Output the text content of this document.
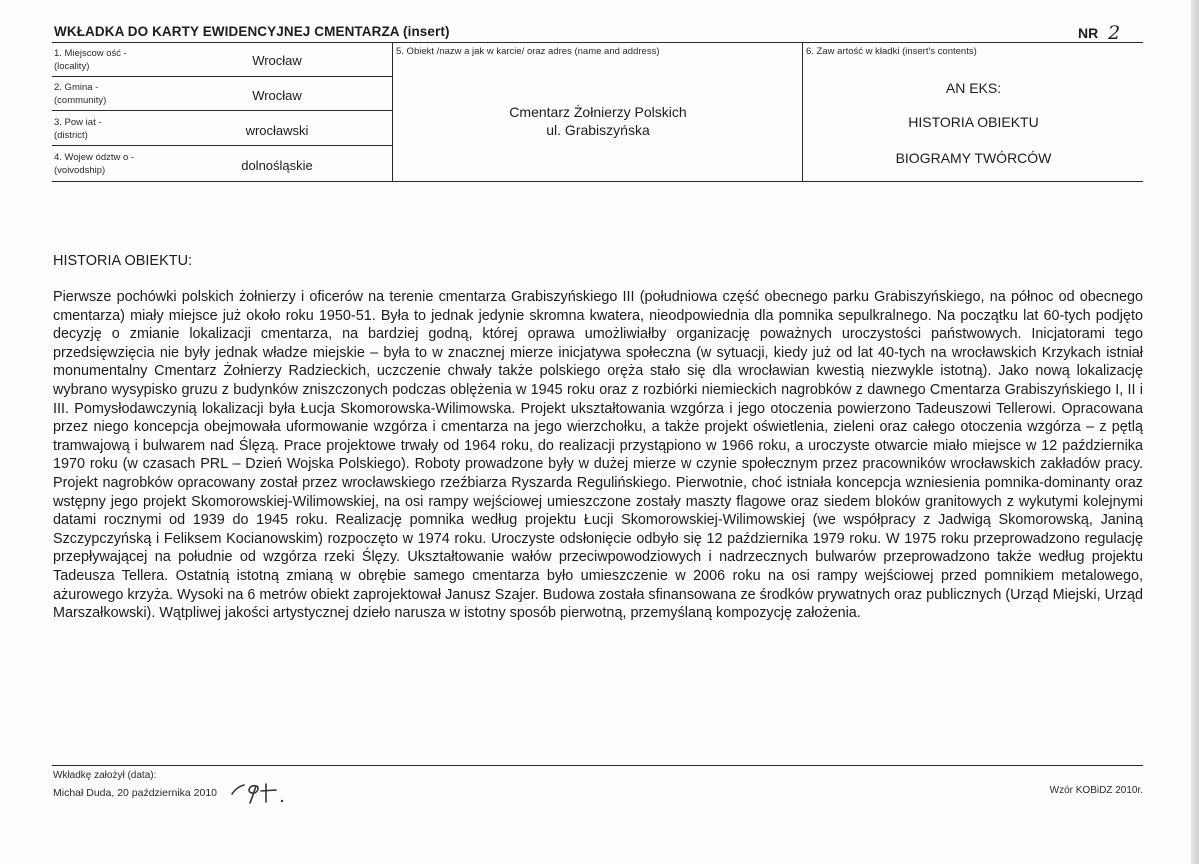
WKŁADKA DO KARTY EWIDENCYJNEJ CMENTARZA (insert)	NR 2
1. Miejscow ość -
(locality)	Wrocław
2. Gmina -
(community)	Wrocław
3. Pow iat -
(district)	wrocławski
4. Wojew ództw o -
(voivodship)	dolnośląskie
5. Obiekt /nazw a jak w karcie/ oraz adres (name and address)
Cmentarz Żołnierzy Polskich
ul. Grabiszyńska
6. Zaw artość w kładki (insert's contents)
AN EKS:
HISTORIA OBIEKTU
BIOGRAMY TWÓRCÓW
HISTORIA OBIEKTU:

Pierwsze pochówki polskich żołnierzy i oficerów na terenie cmentarza Grabiszyńskiego III (południowa część obecnego parku Grabiszyńskiego, na północ od obecnego cmentarza) miały miejsce już około roku 1950-51. Była to jednak jedynie skromna kwatera, nieodpowiednia dla pomnika sepulkralnego. Na początku lat 60-tych podjęto decyzję o zmianie lokalizacji cmentarza, na bardziej godną, której oprawa umożliwiałby organizację poważnych uroczystości państwowych. Inicjatorami tego przedsięwzięcia nie były jednak władze miejskie – była to w znacznej mierze inicjatywa społeczna (w sytuacji, kiedy już od lat 40-tych na wrocławskich Krzykach istniał monumentalny Cmentarz Żołnierzy Radzieckich, uczczenie chwały także polskiego oręża stało się dla wrocławian kwestią niezwykle istotną). Jako nową lokalizację wybrano wysypisko gruzu z budynków zniszczonych podczas oblężenia w 1945 roku oraz z rozbiórki niemieckich nagrobków z dawnego Cmentarza Grabiszyńskiego I, II i III. Pomysłodawczynią lokalizacji była Łucja Skomorowska-Wilimowska. Projekt ukształtowania wzgórza i jego otoczenia powierzono Tadeuszowi Tellerowi. Opracowana przez niego koncepcja obejmowała uformowanie wzgórza i cmentarza na jego wierzchołku, a także projekt oświetlenia, zieleni oraz całego otoczenia wzgórza – z pętlą tramwajową i bulwarem nad Ślęzą. Prace projektowe trwały od 1964 roku, do realizacji przystąpiono w 1966 roku, a uroczyste otwarcie miało miejsce w 12 października 1970 roku (w czasach PRL – Dzień Wojska Polskiego). Roboty prowadzone były w dużej mierze w czynie społecznym przez pracowników wrocławskich zakładów pracy. Projekt nagrobków opracowany został przez wrocławskiego rzeźbiarza Ryszarda Regulińskiego. Pierwotnie, choć istniała koncepcja wzniesienia pomnika-dominanty oraz wstępny jego projekt Skomorowskiej-Wilimowskiej, na osi rampy wejściowej umieszczone zostały maszty flagowe oraz siedem bloków granitowych z wykutymi kolejnymi datami rocznymi od 1939 do 1945 roku. Realizację pomnika według projektu Łucji Skomorowskiej-Wilimowskiej (we współpracy z Jadwigą Skomorowską, Janiną Szczypczyńską i Feliksem Kocianowskim) rozpoczęto w 1974 roku. Uroczyste odsłonięcie odbyło się 12 października 1979 roku. W 1975 roku przeprowadzono regulację przepływającej na południe od wzgórza rzeki Ślęzy. Ukształtowanie wałów przeciwpowodziowych i nadrzecznych bulwarów przeprowadzono także według projektu Tadeusza Tellera. Ostatnią istotną zmianą w obrębie samego cmentarza było umieszczenie w 2006 roku na osi rampy wejściowej przed pomnikiem metalowego, ażurowego krzyża. Wysoki na 6 metrów obiekt zaprojektował Janusz Szajer. Budowa została sfinansowana ze środków prywatnych oraz publicznych (Urząd Miejski, Urząd Marszałkowski). Wątpliwej jakości artystycznej dzieło narusza w istotny sposób pierwotną, przemyślaną kompozycję założenia.

Wkładkę założył (data):
Michał Duda, 20 października 2010	Wzór KOBiDZ 2010r.
